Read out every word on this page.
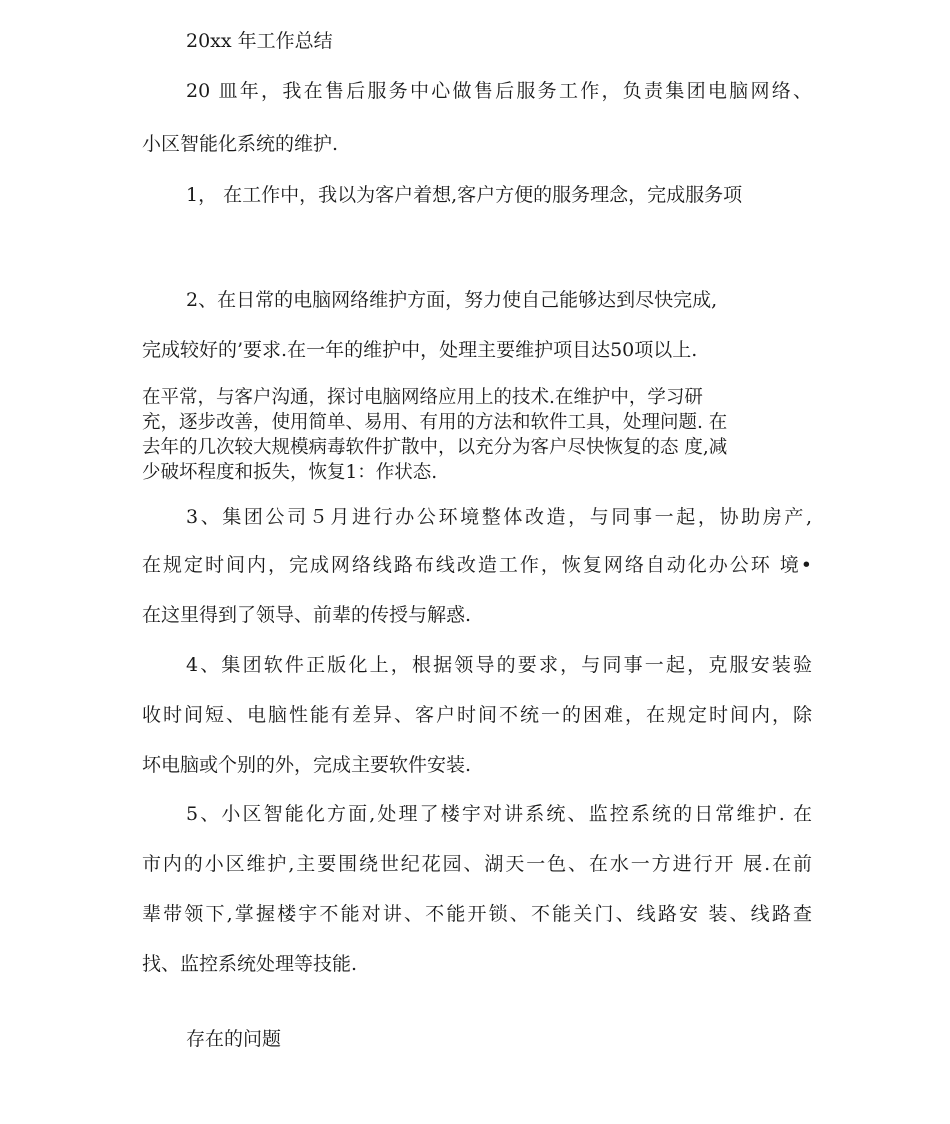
20xx 年工作总结
20 皿年，我在售后服务中心做售后服务工作，负责集团电脑网络、
小区智能化系统的维护.
1， 在工作中，我以为客户着想,客户方便的服务理念，完成服务项
2、在日常的电脑网络维护方面，努力使自己能够达到尽快完成,
完成较好的’要求.在一年的维护中，处理主要维护项目达50项以上.
在平常，与客户沟通，探讨电脑网络应用上的技术.在维护中，学习研
充，逐步改善，使用简单、易用、有用的方法和软件工具，处理问题. 在
去年的几次较大规模病毒软件扩散中，以充分为客户尽快恢复的态 度,减
少破坏程度和扳失，恢复1：作状态.
3、集团公司５月进行办公环境整体改造，与同事一起，协助房产,
在规定时间内，完成网络线路布线改造工作，恢复网络自动化办公环 境•
在这里得到了领导、前辈的传授与解惑.
4、集团软件正版化上，根据领导的要求，与同事一起，克服安装验
收时间短、电脑性能有差异、客户时间不统一的困难，在规定时间内，除
坏电脑或个别的外，完成主要软件安装.
5、小区智能化方面,处理了楼宇对讲系统、监控系统的日常维护. 在
市内的小区维护,主要围绕世纪花园、湖天一色、在水一方进行开 展.在前
辈带领下,掌握楼宇不能对讲、不能开锁、不能关门、线路安 装、线路查
找、监控系统处理等技能.
存在的问题
